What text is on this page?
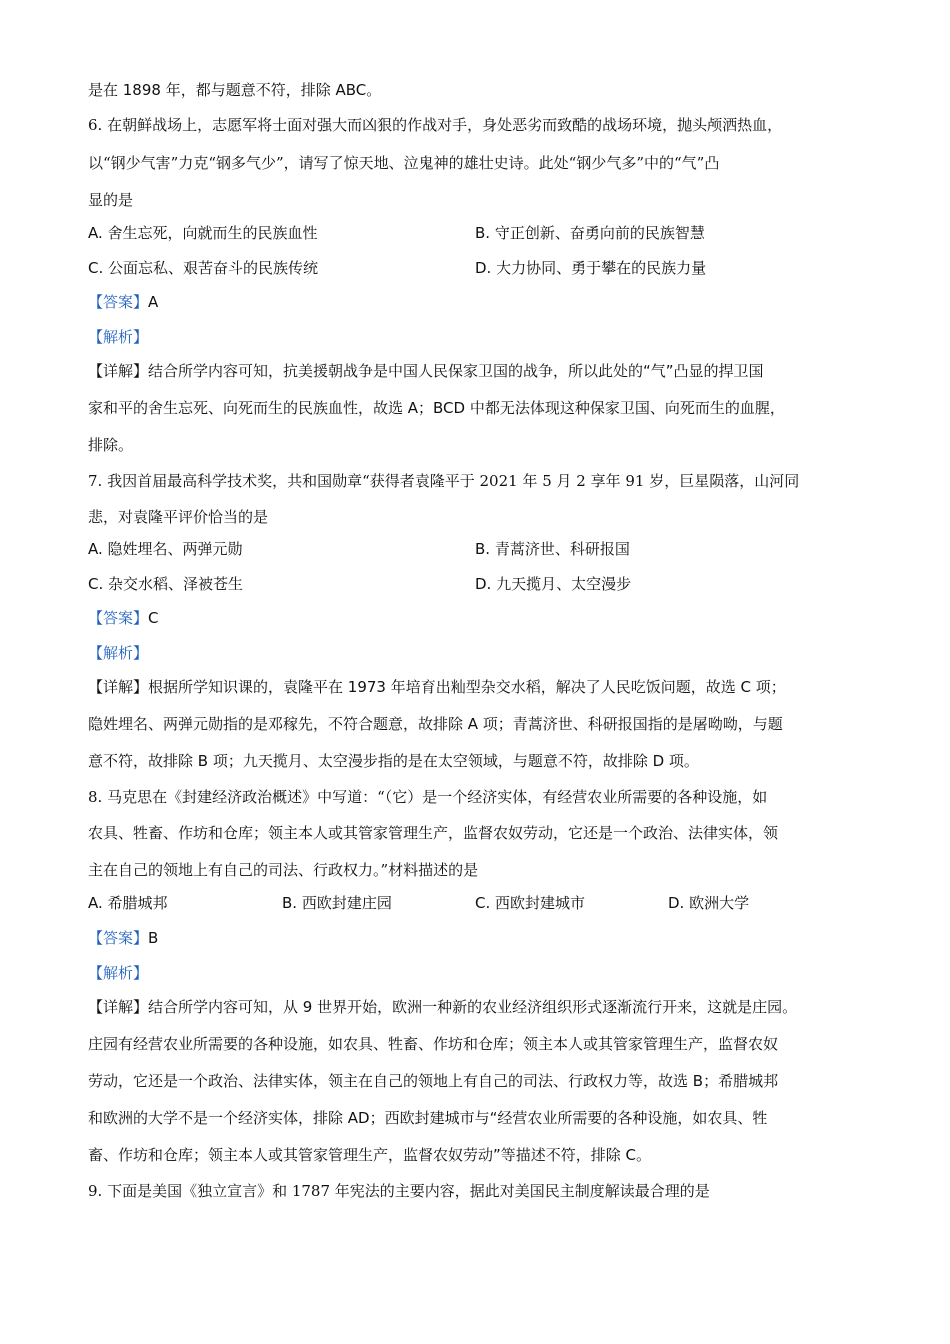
是在 1898 年，都与题意不符，排除 ABC。
6. 在朝鲜战场上，志愿军将士面对强大而凶狠的作战对手，身处恶劣而致酷的战场环境，抛头颅洒热血，
以“钢少气害”力克“钢多气少”，请写了惊天地、泣鬼神的雄壮史诗。此处“钢少气多”中的“气”凸
显的是
A. 舍生忘死，向就而生的民族血性	B. 守正创新、奋勇向前的民族智慧
C. 公面忘私、艰苦奋斗的民族传统	D. 大力协同、勇于攀在的民族力量
【答案】A
【解析】
【详解】结合所学内容可知，抗美援朝战争是中国人民保家卫国的战争，所以此处的“气”凸显的捍卫国
家和平的舍生忘死、向死而生的民族血性，故选 A；BCD 中都无法体现这种保家卫国、向死而生的血腥，
排除。
7. 我因首届最高科学技术奖，共和国勋章“获得者袁隆平于 2021 年 5 月 2 享年 91 岁，巨星陨落，山河同
悲，对袁隆平评价恰当的是
A. 隐姓埋名、两弹元勋	B. 青蒿济世、科研报国
C. 杂交水稻、泽被苍生	D. 九天揽月、太空漫步
【答案】C
【解析】
【详解】根据所学知识课的，袁隆平在 1973 年培育出籼型杂交水稻，解决了人民吃饭问题，故选 C 项；
隐姓埋名、两弹元勋指的是邓稼先，不符合题意，故排除 A 项；青蒿济世、科研报国指的是屠呦呦，与题
意不符，故排除 B 项；九天揽月、太空漫步指的是在太空领域，与题意不符，故排除 D 项。
8. 马克思在《封建经济政治概述》中写道：“（它）是一个经济实体，有经营农业所需要的各种设施，如
农具、牲畜、作坊和仓库；领主本人或其管家管理生产，监督农奴劳动，它还是一个政治、法律实体，领
主在自己的领地上有自己的司法、行政权力。”材料描述的是
A. 希腊城邦	B. 西欧封建庄园	C. 西欧封建城市	D. 欧洲大学
【答案】B
【解析】
【详解】结合所学内容可知，从 9 世界开始，欧洲一种新的农业经济组织形式逐渐流行开来，这就是庄园。
庄园有经营农业所需要的各种设施，如农具、牲畜、作坊和仓库；领主本人或其管家管理生产，监督农奴
劳动，它还是一个政治、法律实体，领主在自己的领地上有自己的司法、行政权力等，故选 B；希腊城邦
和欧洲的大学不是一个经济实体，排除 AD；西欧封建城市与“经营农业所需要的各种设施，如农具、牲
畜、作坊和仓库；领主本人或其管家管理生产，监督农奴劳动”等描述不符，排除 C。
9. 下面是美国《独立宣言》和 1787 年宪法的主要内容，据此对美国民主制度解读最合理的是
